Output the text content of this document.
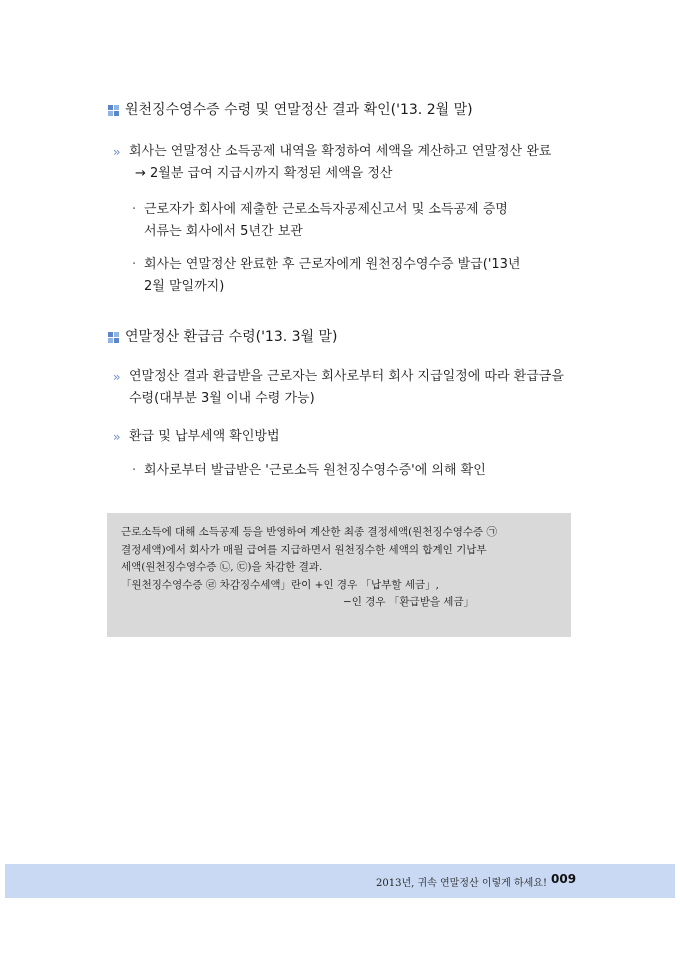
원천징수영수증 수령 및 연말정산 결과 확인('13. 2월 말)
›› 회사는 연말정산 소득공제 내역을 확정하여 세액을 계산하고 연말정산 완료
→ 2월분 급여 지급시까지 확정된 세액을 정산
· 근로자가 회사에 제출한 근로소득자공제신고서 및 소득공제 증명
서류는 회사에서 5년간 보관
· 회사는 연말정산 완료한 후 근로자에게 원천징수영수증 발급('13년
2월 말일까지)
연말정산 환급금 수령('13. 3월 말)
›› 연말정산 결과 환급받을 근로자는 회사로부터 회사 지급일정에 따라 환급금을
수령(대부분 3월 이내 수령 가능)
›› 환급 및 납부세액 확인방법
· 회사로부터 발급받은 '근로소득 원천징수영수증'에 의해 확인

근로소득에 대해 소득공제 등을 반영하여 계산한 최종 결정세액(원천징수영수증 ㉠

결정세액)에서 회사가 매월 급여를 지급하면서 원천징수한 세액의 합계인 기납부

세액(원천징수영수증 ㉡, ㉢)을 차감한 결과.

「원천징수영수증 ㉣ 차감징수세액」란이 +인 경우 「납부할 세금」,

−인 경우 「환급받을 세금」

2013년, 귀속 연말정산 이렇게 하세요! 009
